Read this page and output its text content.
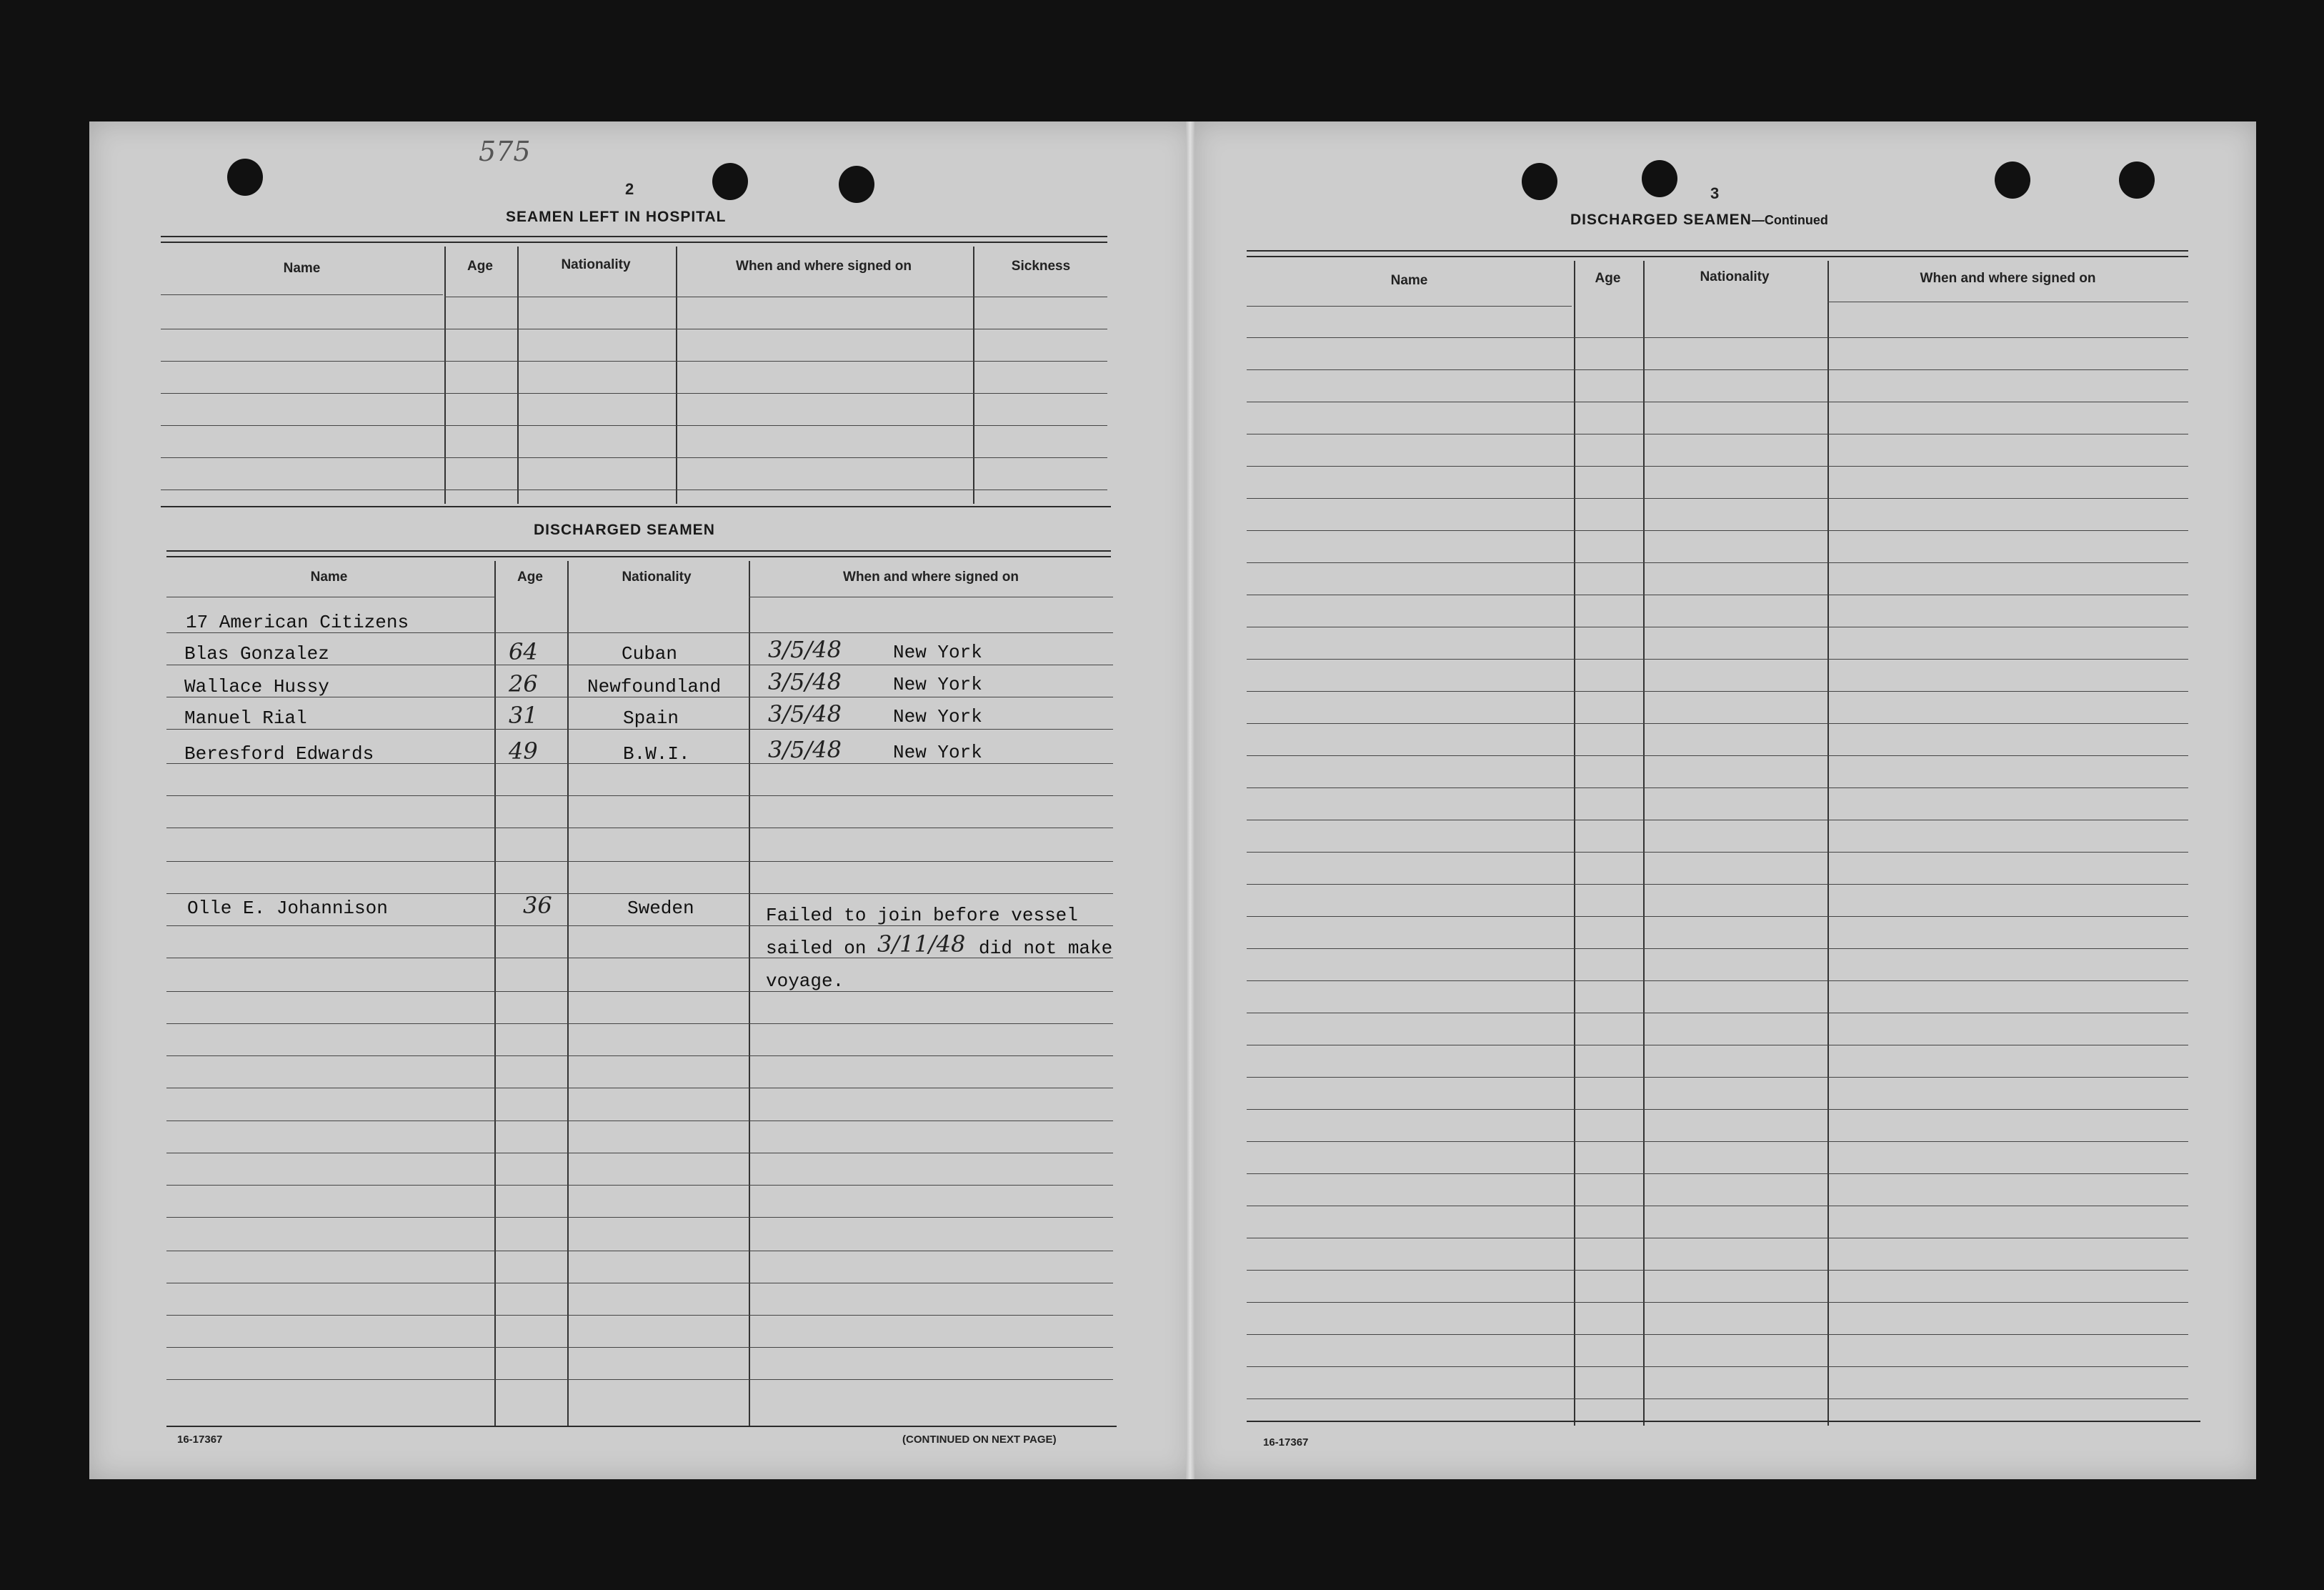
575
2
SEAMEN LEFT IN HOSPITAL
Name	Age	Nationality	When and where signed on	Sickness
DISCHARGED SEAMEN
Name	Age	Nationality	When and where signed on
17 American Citizens
Blas Gonzalez	64	Cuban	3/5/48	New York
Wallace Hussy	26	Newfoundland 3/5/48	New York
Manuel Rial	31	Spain	3/5/48	New York
Beresford Edwards	49	B.W.I.	3/5/48	New York
Olle E. Johannison	36	Sweden	Failed to join before vessel
sailed on 3/11/48 did not make
voyage.
16-17367	(CONTINUED ON NEXT PAGE)
3
DISCHARGED SEAMEN—Continued
Name	Age	Nationality	When and where signed on
16-17367
